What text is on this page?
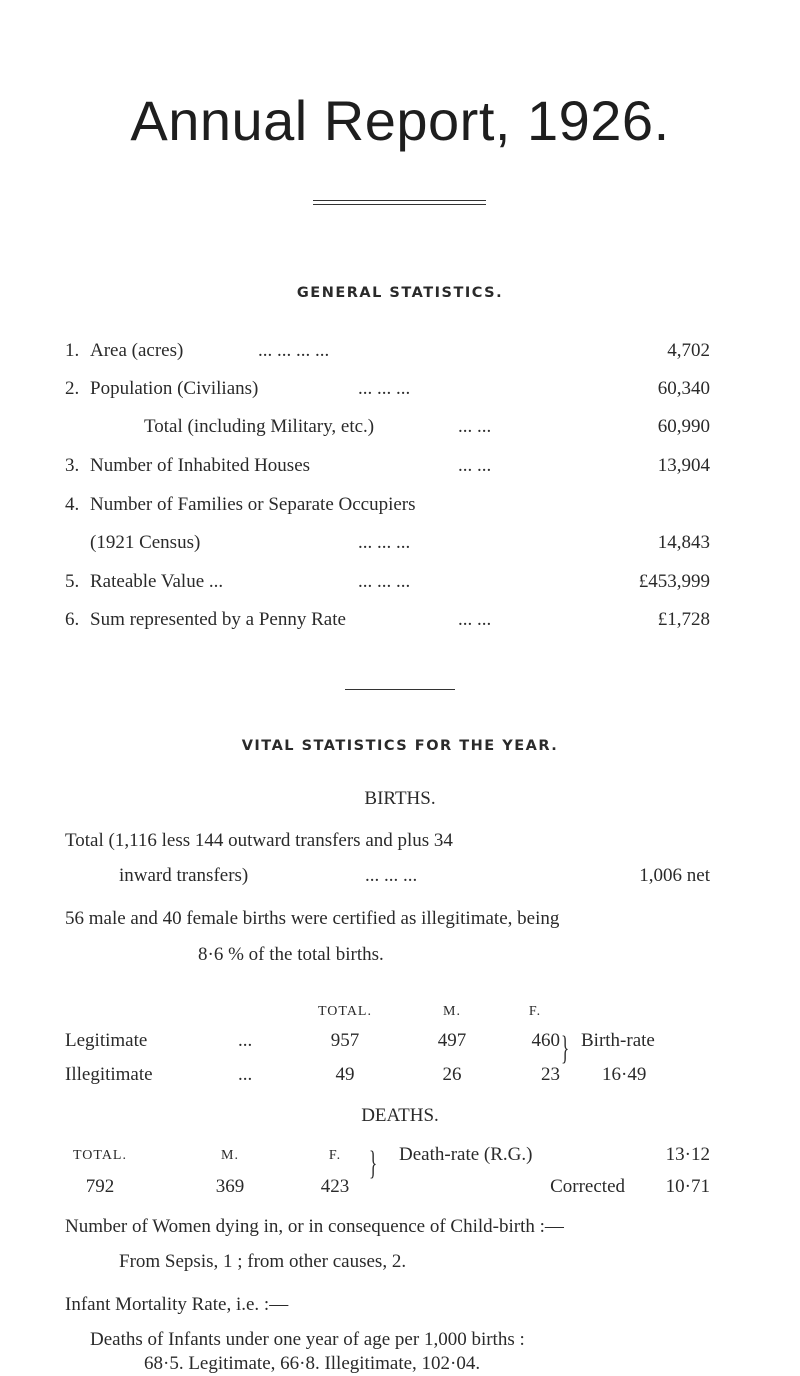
Annual Report, 1926.
GENERAL STATISTICS.
1. Area (acres)	... ... ... ...	4,702
2. Population (Civilians)	... ... ...	60,340
Total (including Military, etc.)	... ...	60,990
3. Number of Inhabited Houses	... ...	13,904
4. Number of Families or Separate Occupiers
(1921 Census)	... ... ...	14,843
5. Rateable Value ...	... ... ...	£453,999
6. Sum represented by a Penny Rate	... ...	£1,728
VITAL STATISTICS FOR THE YEAR.
BIRTHS.
Total (1,116 less 144 outward transfers and plus 34
inward transfers)	... ... ...	1,006 net
56 male and 40 female births were certified as illegitimate, being
8·6 % of the total births.
TOTAL.	M.	F.
Legitimate	...	957	497	460
Illegitimate	...	49	26	23
} Birth-rate
16·49
DEATHS.
TOTAL.	M.	F.
792	369	423
} Death-rate (R.G.)	13·12
Corrected	10·71
Number of Women dying in, or in consequence of Child-birth :—
From Sepsis, 1 ; from other causes, 2.
Infant Mortality Rate, i.e. :—
Deaths of Infants under one year of age per 1,000 births :
68·5. Legitimate, 66·8. Illegitimate, 102·04.
